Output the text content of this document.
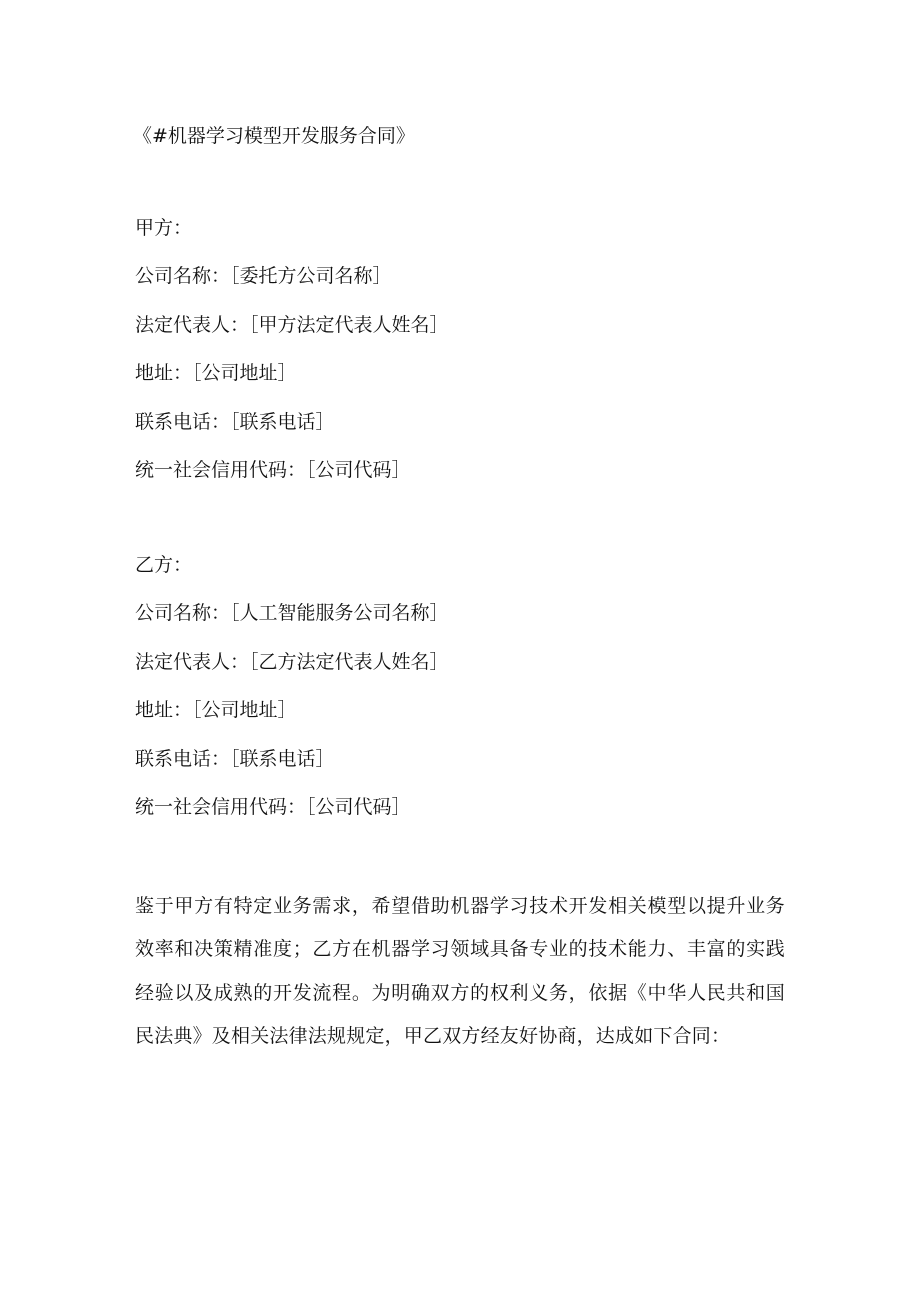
《#机器学习模型开发服务合同》
甲方：
公司名称：［委托方公司名称］
法定代表人：［甲方法定代表人姓名］
地址：［公司地址］
联系电话：［联系电话］
统一社会信用代码：［公司代码］
乙方：
公司名称：［人工智能服务公司名称］
法定代表人：［乙方法定代表人姓名］
地址：［公司地址］
联系电话：［联系电话］
统一社会信用代码：［公司代码］
鉴于甲方有特定业务需求，希望借助机器学习技术开发相关模型以提升业务效率和决策精准度；乙方在机器学习领域具备专业的技术能力、丰富的实践经验以及成熟的开发流程。为明确双方的权利义务，依据《中华人民共和国民法典》及相关法律法规规定，甲乙双方经友好协商，达成如下合同：
